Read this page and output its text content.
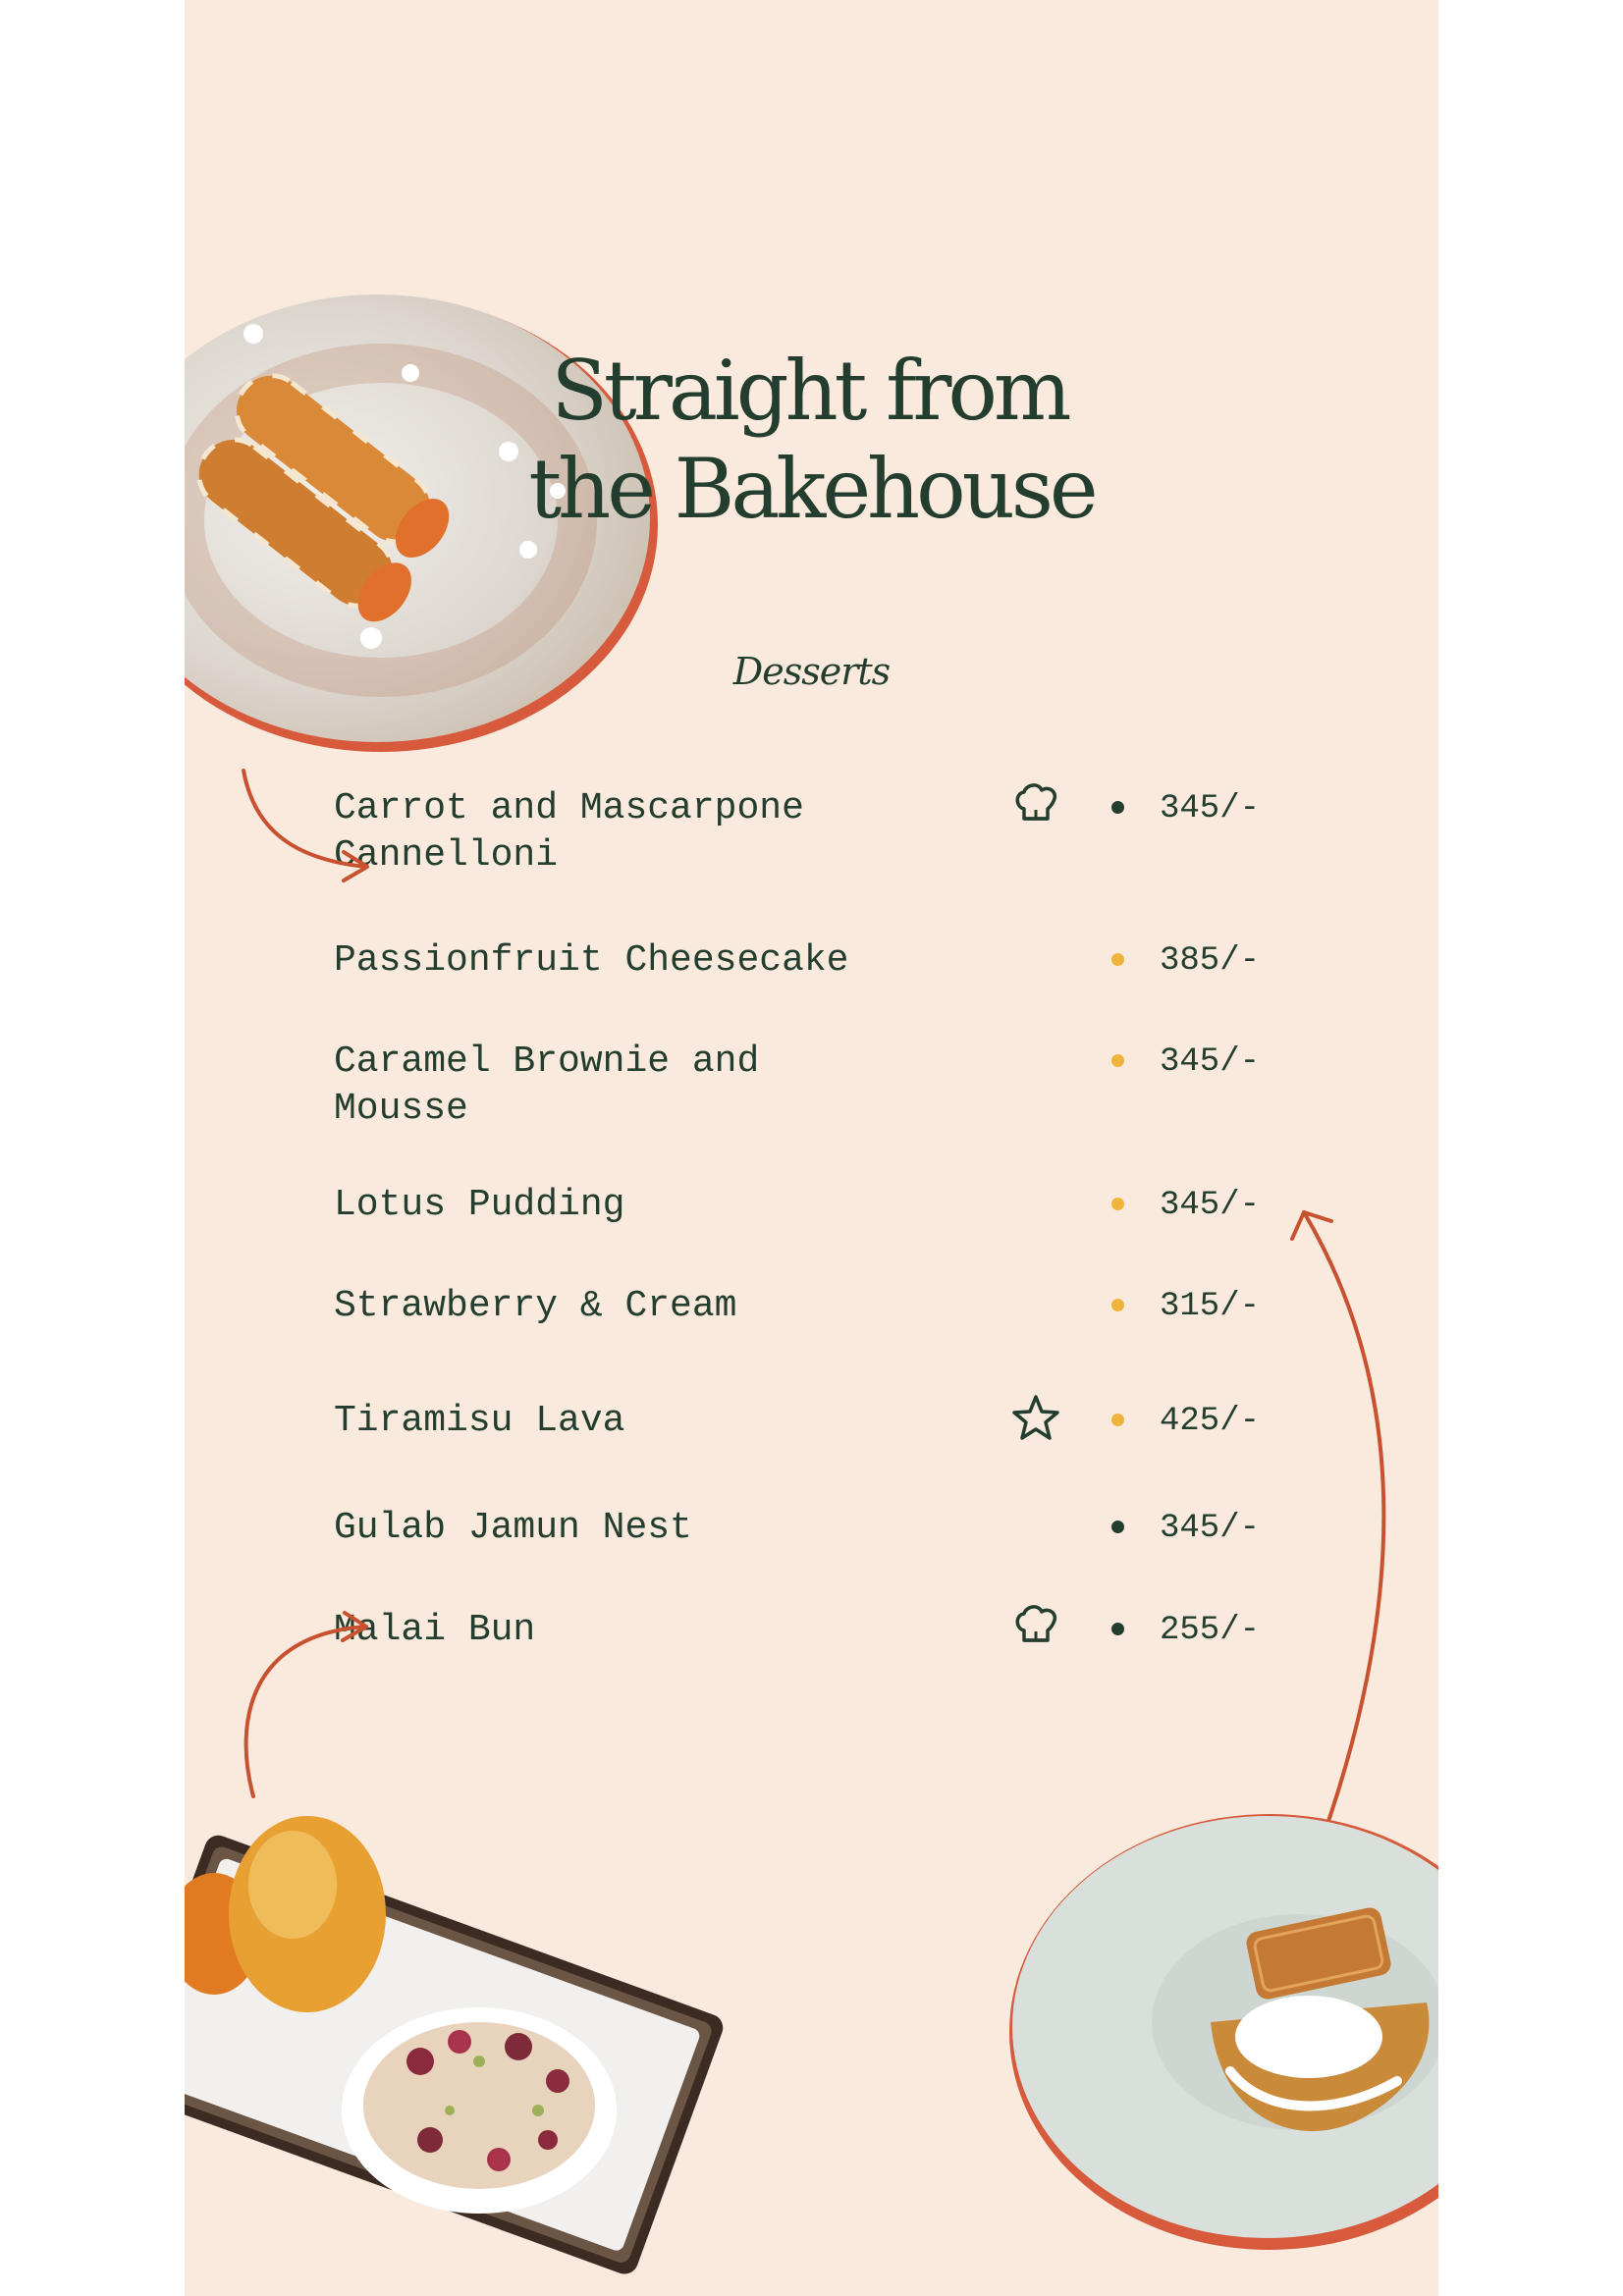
Straight from
the Bakehouse
Desserts
Carrot and Mascarpone
Cannelloni
345/-
Passionfruit Cheesecake	385/-
Caramel Brownie and
Mousse
345/-
Lotus Pudding	345/-
Strawberry & Cream	315/-
Tiramisu Lava	425/-
Gulab Jamun Nest	345/-
Malai Bun	255/-
